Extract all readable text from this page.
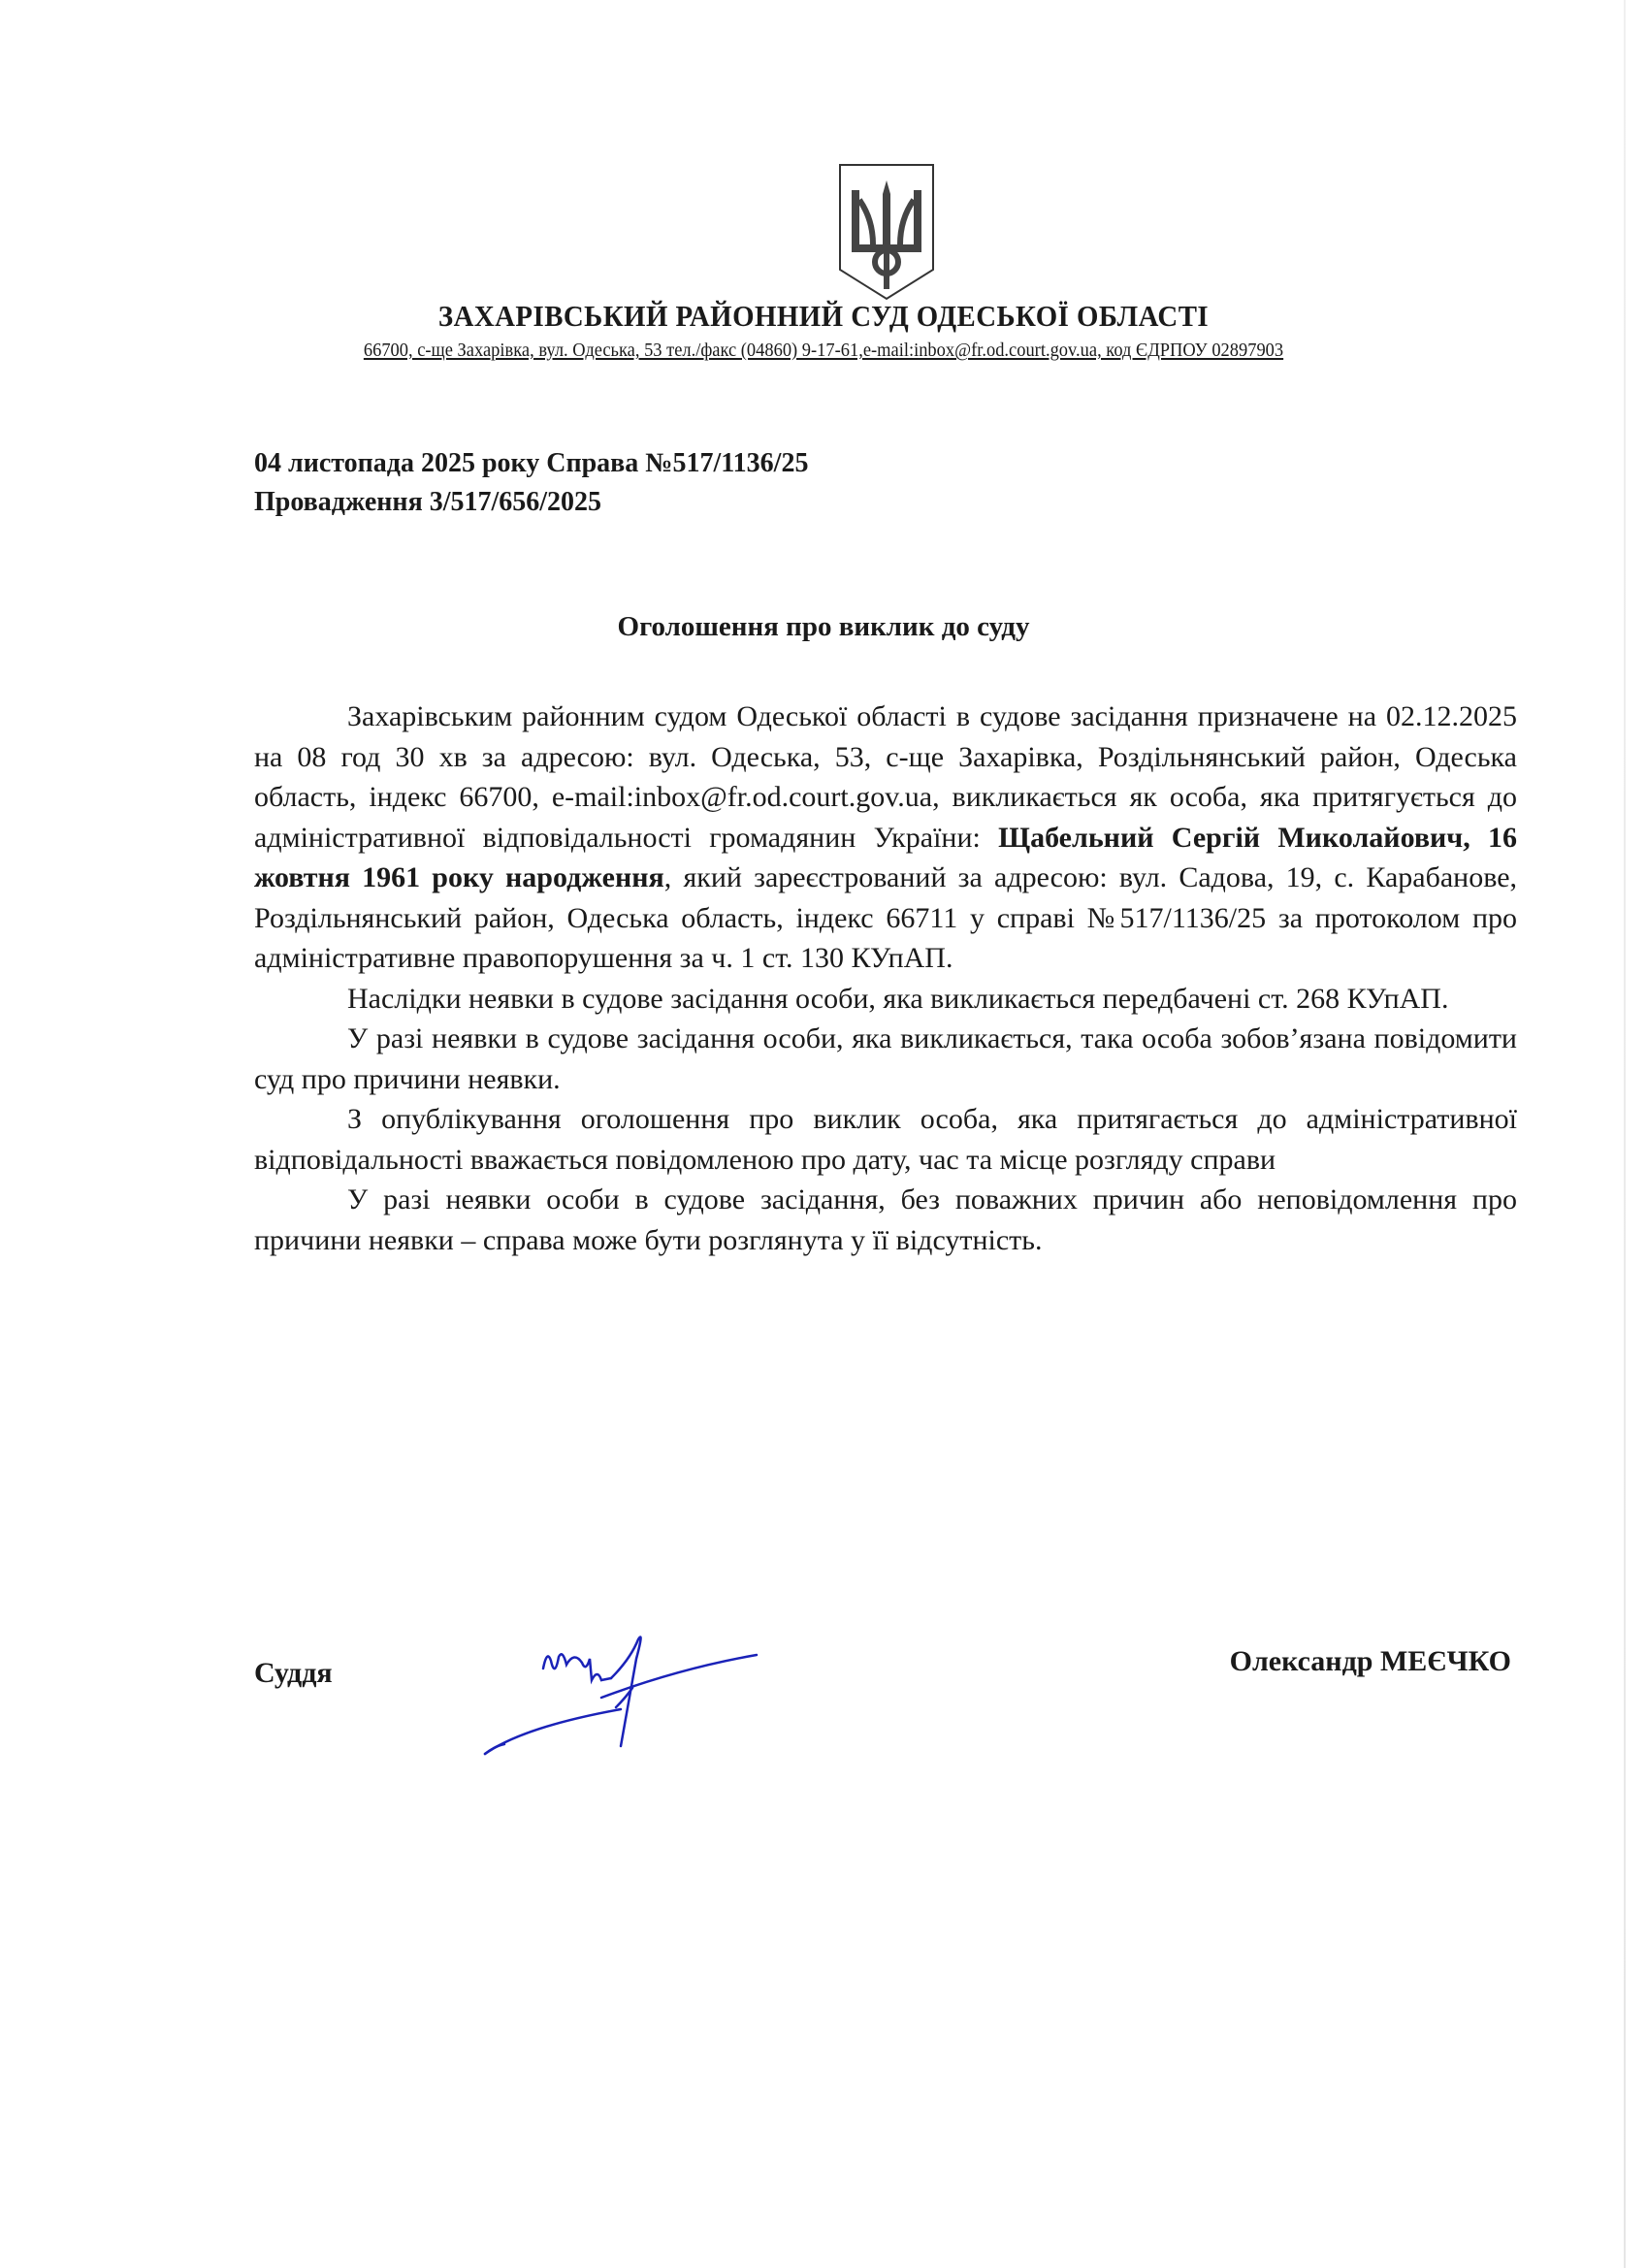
ЗАХАРІВСЬКИЙ РАЙОННИЙ СУД ОДЕСЬКОЇ ОБЛАСТІ
66700, с-ще Захарівка, вул. Одеська, 53 тел./факс (04860) 9-17-61,e-mail:inbox@fr.od.court.gov.ua, код ЄДРПОУ 02897903
04 листопада 2025 року Справа №517/1136/25
Провадження 3/517/656/2025
Оголошення про виклик до суду

Захарівським районним судом Одеської області в судове засідання призначене на 02.12.2025 на 08 год 30 хв за адресою: вул. Одеська, 53, с-ще Захарівка, Роздільнянський район, Одеська область, індекс 66700, e-mail:inbox@fr.od.court.gov.ua, викликається як особа, яка притягується до адміністративної відповідальності громадянин України: Щабельний Сергій Миколайович, 16 жовтня 1961 року народження, який зареєстрований за адресою: вул. Садова, 19, с. Карабанове, Роздільнянський район, Одеська область, індекс 66711 у справі №517/1136/25 за протоколом про адміністративне правопорушення за ч. 1 ст. 130 КУпАП.

Наслідки неявки в судове засідання особи, яка викликається передбачені ст. 268 КУпАП.

У разі неявки в судове засідання особи, яка викликається, така особа зобов’язана повідомити суд про причини неявки.

З опублікування оголошення про виклик особа, яка притягається до адміністративної відповідальності вважається повідомленою про дату, час та місце розгляду справи

У разі неявки особи в судове засідання, без поважних причин або неповідомлення про причини неявки – справа може бути розглянута у її відсутність.

Суддя	Олександр МЕЄЧКО
